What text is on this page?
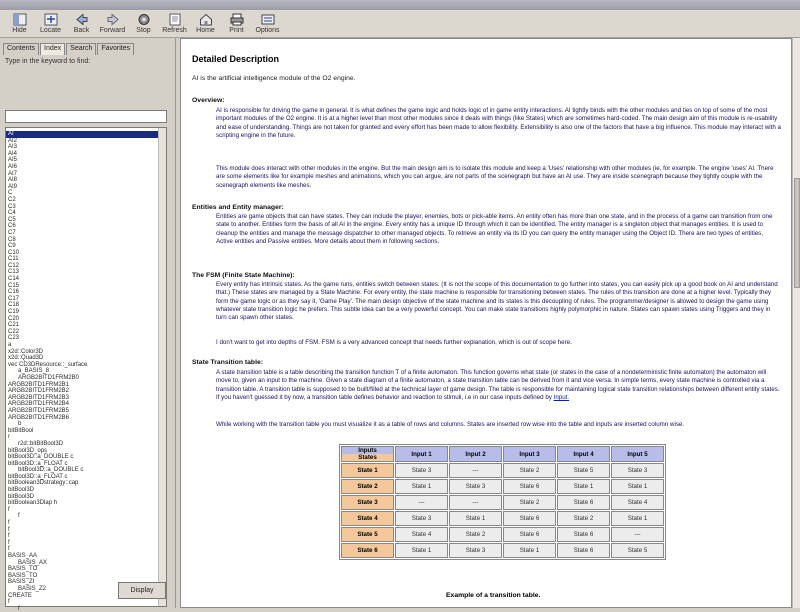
Hide Locate Back Forward Stop Refresh Home Print Options
Contents	Index	Search	Favorites
Type in the keyword to find:
AI
AI2
AI3
AI4
AI5
AI6
AI7
AI8
AI9
C
C2
C3
C4
C5
C6
C7
C8
C9
C10
C11
C12
C13
C14
C15
C16
C17
C18
C19
C20
C21
C22
C23
a
x2d::Color3D
x2d::Quad3D
vec CD3DResource::_surface
a_BASIS_8
ARGB2BITD1FRM2B0
ARGB2BITD1FRM2B1
ARGB2BITD1FRM2B2
ARGB2BITD1FRM2B3
ARGB2BITD1FRM2B4
ARGB2BITD1FRM2B5
ARGB2BITD1FRM2B6
b
bitBitBool
r
r2d::bitBitBool3D
bitBool3D_ops
bitBool3D::a_DOUBLE c
bitBool3D::a_FLOAT c
bitBool3D::a_DOUBLE c
bitBool3D::a_FLOAT c
bitBoolean3Dstrategy::cap
bitBool3D
bitBool3D
bitBoolean3Dlap h
f
f
f
f
f
f
f
BASIS_AA
BASIS_AX
BASIS_TO
BASIS_TO
BASIS_ZI
BASIS_Z2
CREATE
f
f
Display
Detailed Description
AI is the artificial intelligence module of the O2 engine.
Overview:
AI is responsible for driving the game in general. It is what defines the game logic and holds logic of in game entity interactions. AI tightly binds with the other modules and ties on top of some of the most important modules of the O2 engine. It is at a higher level than most other modules since it deals with things (like States) which are sometimes hard-coded. The main design aim of this module is re-usability and ease of understanding. Things are not taken for granted and every effort has been made to allow flexibility. Extensibility is also one of the factors that have a big influence. This module may interact with a scripting engine in the future.
This module does interact with other modules in the engine. But the main design aim is to isolate this module and keep a 'Uses' relationship with other modules (ie, for example. The engine 'uses' AI. There are some elements like for example meshes and animations, which you can argue, are not parts of the scenegraph but have an AI use. They are inside scenegraph because they tightly couple with the scenegraph elements like meshes.
Entities and Entity manager:
Entities are game objects that can have states. They can include the player, enemies, bots or pick-able items. An entity often has more than one state, and in the process of a game can transition from one state to another. Entities form the basis of all AI in the engine. Every entity has a unique ID through which it can be identified. The entity manager is a singleton object that manages entities. It is used to cleanup the entities and manage the message dispatcher to other managed objects. To retrieve an entity via its ID you can query the entity manager using the Object ID. There are two types of entities, Active entities and Passive entities. More details about them in following sections.
The FSM (Finite State Machine):
Every entity has intrinsic states. As the game runs, entities switch between states. (It is not the scope of this documentation to go further into states, you can easily pick up a good book on AI and understand that.) These states are managed by a State Machine. For every entity, the state machine is responsible for transitioning between states. The rules of this transition are done at a higher level. Typically they form the game logic or as they say it, 'Game Play'. The main design objective of the state machine and its states is this decoupling of rules. The programmer/designer is allowed to design the game using whatever state transition logic he prefers. This subtle idea can be a very powerful concept. You can make state transitions highly polymorphic in nature. States can spawn states using Triggers and they in turn can spawn other states.
I don't want to get into depths of FSM. FSM is a very advanced concept that needs further explanation, which is out of scope here.
State Transition table:
A state transition table is a table describing the transition function T of a finite automaton. This function governs what state (or states in the case of a nondeterministic finite automaton) the automaton will move to, given an input to the machine. Given a state diagram of a finite automaton, a state transition table can be derived from it and vice versa. In simple terms, every state machine is controlled via a transition table. A transition table is supposed to be built/filled at the technical layer of game design. The table is responsible for maintaining logical state transition relationships between different entity states. If you haven't guessed it by now, a transition table defines behavior and reaction to stimuli, i.e in our case inputs defined by Input.
While working with the transition table you must visualize it as a table of rows and columns. States are inserted row wise into the table and inputs are inserted column wise.
Inputs
States	Input 1	Input 2	Input 3	Input 4	Input 5
State 1	State 3	---	State 2	State 5	State 3
State 2	State 1	State 3	State 6	State 1	State 1
State 3	---	---	State 2	State 6	State 4
State 4	State 3	State 1	State 6	State 2	State 1
State 5	State 4	State 2	State 6	State 6	---
State 6	State 1	State 3	State 1	State 6	State 5
Example of a transition table.
